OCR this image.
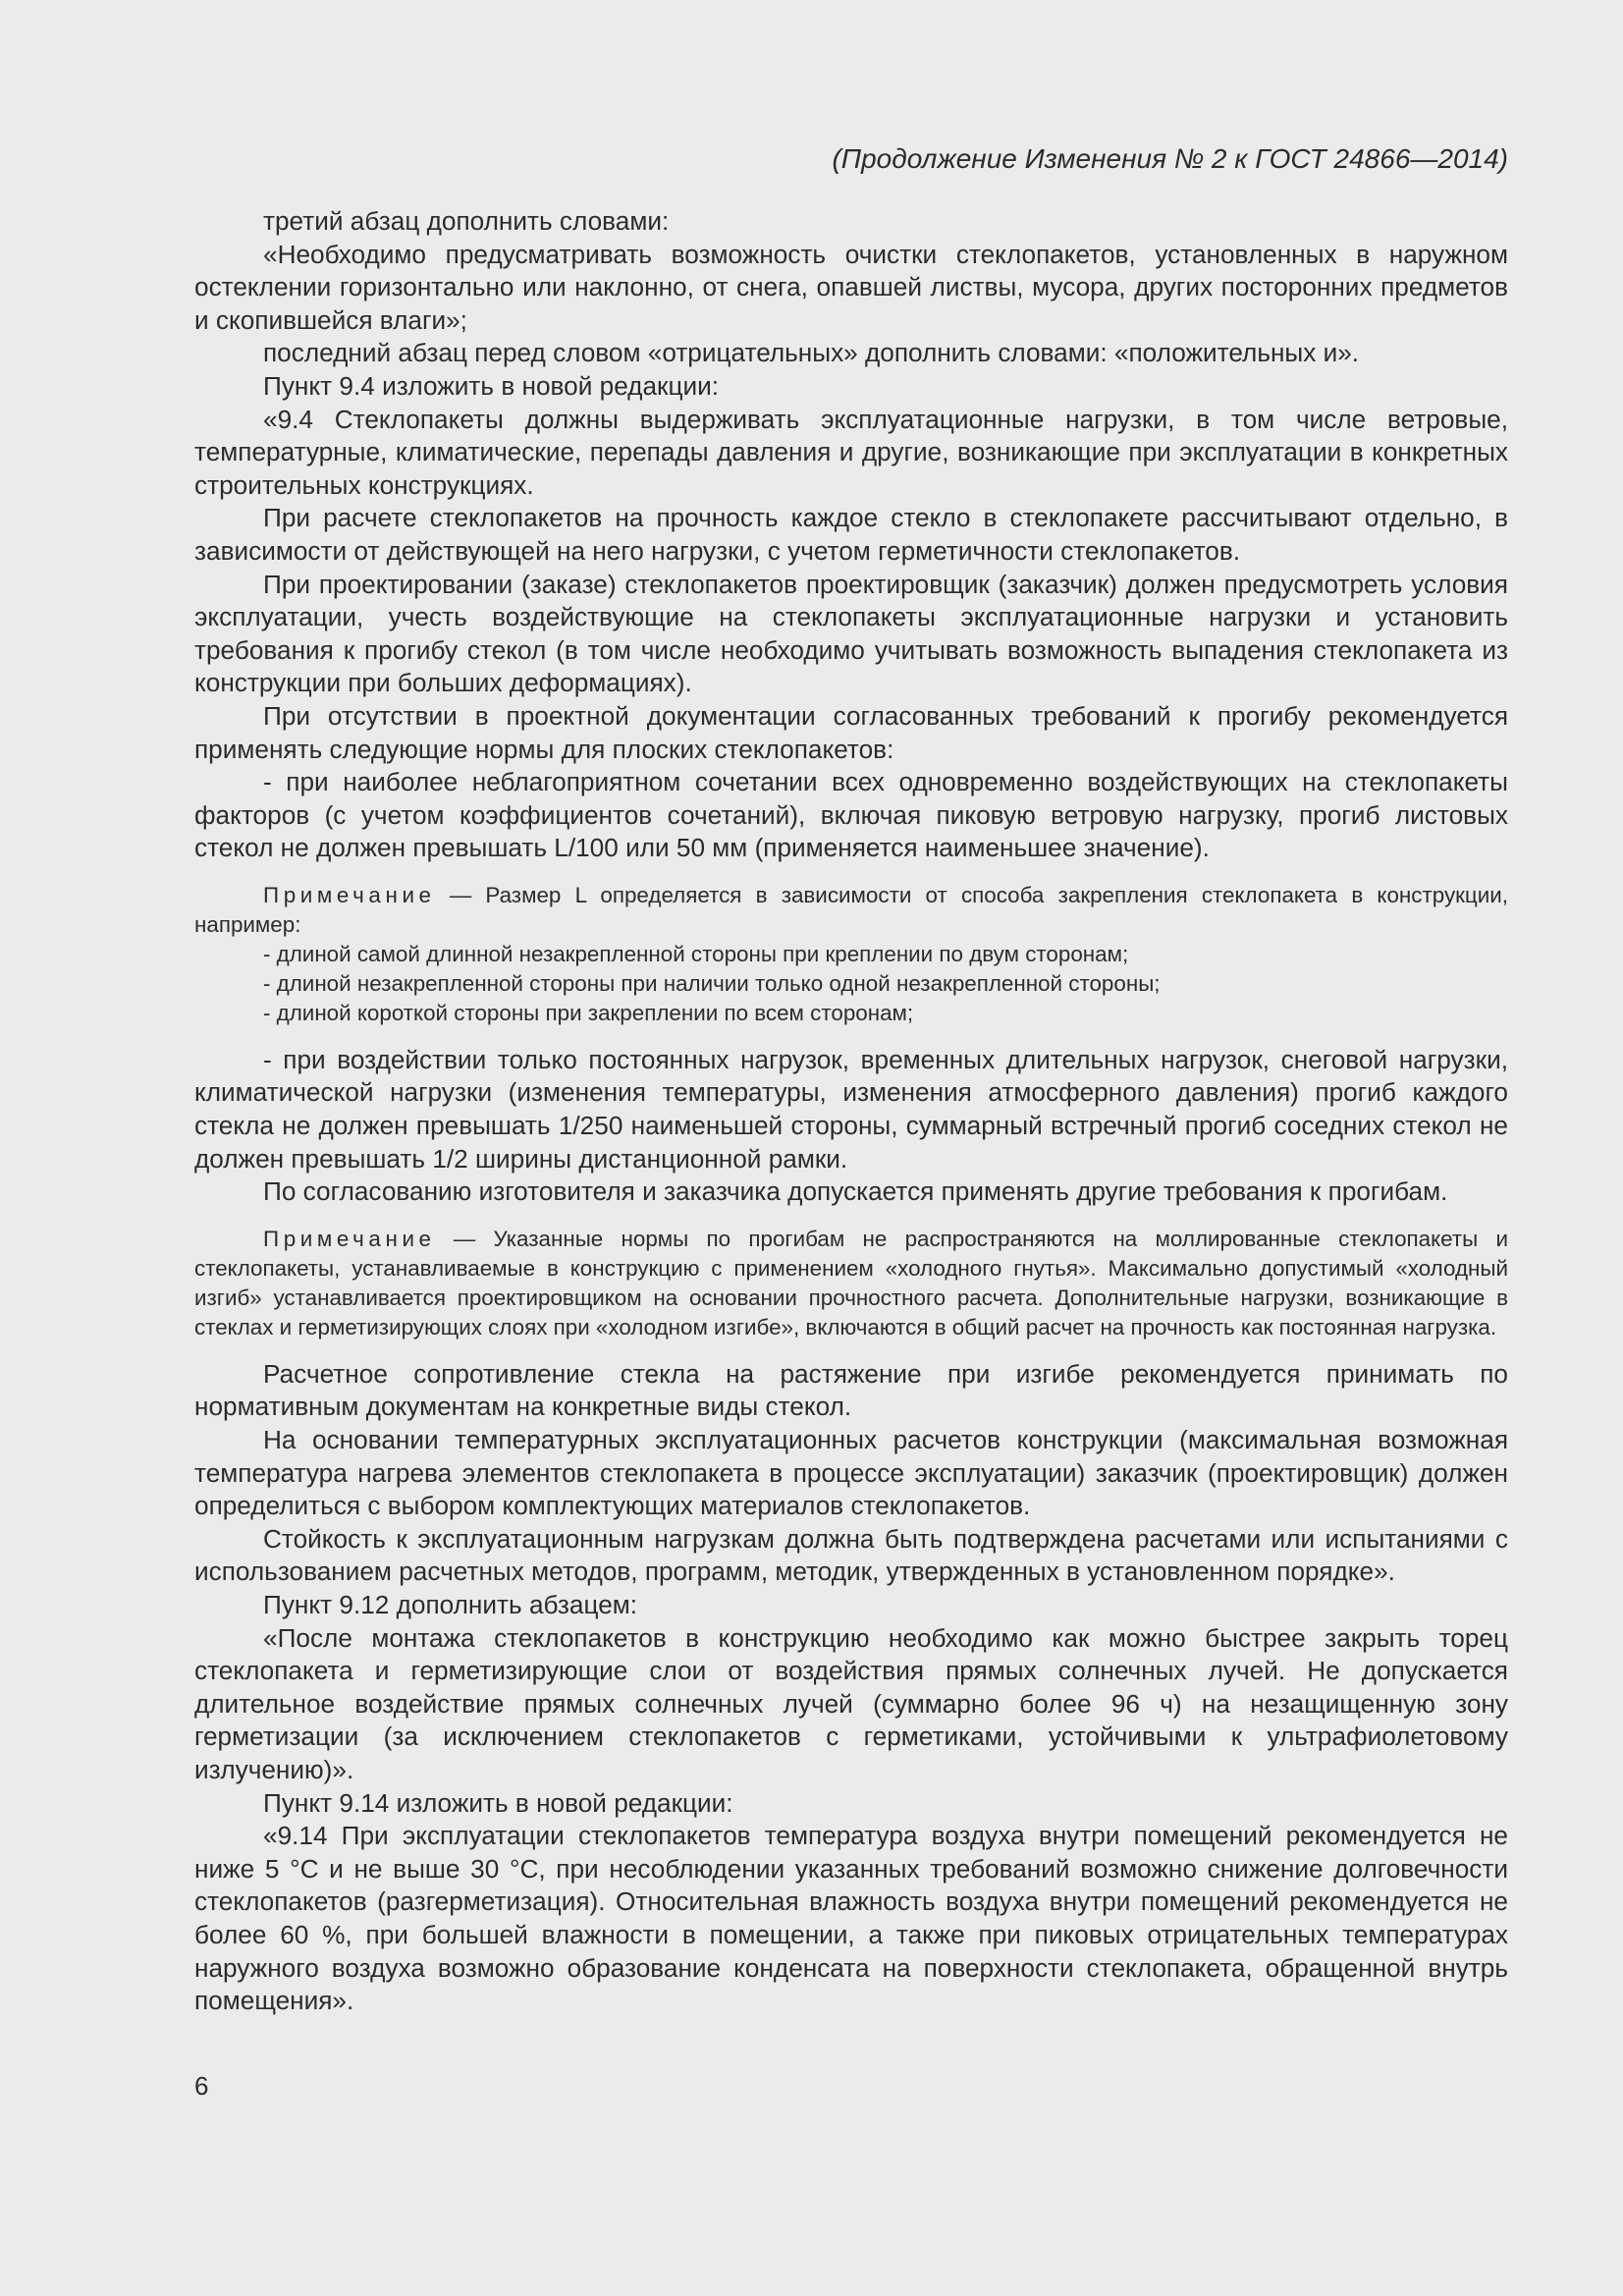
(Продолжение Изменения № 2 к ГОСТ 24866—2014)

третий абзац дополнить словами:

«Необходимо предусматривать возможность очистки стеклопакетов, установленных в наружном остеклении горизонтально или наклонно, от снега, опавшей листвы, мусора, других посторонних предметов и скопившейся влаги»;

последний абзац перед словом «отрицательных» дополнить словами: «положительных и».

Пункт 9.4 изложить в новой редакции:

«9.4 Стеклопакеты должны выдерживать эксплуатационные нагрузки, в том числе ветровые, температурные, климатические, перепады давления и другие, возникающие при эксплуатации в конкретных строительных конструкциях.

При расчете стеклопакетов на прочность каждое стекло в стеклопакете рассчитывают отдельно, в зависимости от действующей на него нагрузки, с учетом герметичности стеклопакетов.

При проектировании (заказе) стеклопакетов проектировщик (заказчик) должен предусмотреть условия эксплуатации, учесть воздействующие на стеклопакеты эксплуатационные нагрузки и установить требования к прогибу стекол (в том числе необходимо учитывать возможность выпадения стеклопакета из конструкции при больших деформациях).

При отсутствии в проектной документации согласованных требований к прогибу рекомендуется применять следующие нормы для плоских стеклопакетов:

- при наиболее неблагоприятном сочетании всех одновременно воздействующих на стеклопакеты факторов (с учетом коэффициентов сочетаний), включая пиковую ветровую нагрузку, прогиб листовых стекол не должен превышать L/100 или 50 мм (применяется наименьшее значение).

Примечание — Размер L определяется в зависимости от способа закрепления стеклопакета в конструкции, например:

- длиной самой длинной незакрепленной стороны при креплении по двум сторонам;

- длиной незакрепленной стороны при наличии только одной незакрепленной стороны;

- длиной короткой стороны при закреплении по всем сторонам;

- при воздействии только постоянных нагрузок, временных длительных нагрузок, снеговой нагрузки, климатической нагрузки (изменения температуры, изменения атмосферного давления) прогиб каждого стекла не должен превышать 1/250 наименьшей стороны, суммарный встречный прогиб соседних стекол не должен превышать 1/2 ширины дистанционной рамки.

По согласованию изготовителя и заказчика допускается применять другие требования к прогибам.

Примечание — Указанные нормы по прогибам не распространяются на моллированные стеклопакеты и стеклопакеты, устанавливаемые в конструкцию с применением «холодного гнутья». Максимально допустимый «холодный изгиб» устанавливается проектировщиком на основании прочностного расчета. Дополнительные нагрузки, возникающие в стеклах и герметизирующих слоях при «холодном изгибе», включаются в общий расчет на прочность как постоянная нагрузка.

Расчетное сопротивление стекла на растяжение при изгибе рекомендуется принимать по нормативным документам на конкретные виды стекол.

На основании температурных эксплуатационных расчетов конструкции (максимальная возможная температура нагрева элементов стеклопакета в процессе эксплуатации) заказчик (проектировщик) должен определиться с выбором комплектующих материалов стеклопакетов.

Стойкость к эксплуатационным нагрузкам должна быть подтверждена расчетами или испытаниями с использованием расчетных методов, программ, методик, утвержденных в установленном порядке».

Пункт 9.12 дополнить абзацем:

«После монтажа стеклопакетов в конструкцию необходимо как можно быстрее закрыть торец стеклопакета и герметизирующие слои от воздействия прямых солнечных лучей. Не допускается длительное воздействие прямых солнечных лучей (суммарно более 96 ч) на незащищенную зону герметизации (за исключением стеклопакетов с герметиками, устойчивыми к ультрафиолетовому излучению)».

Пункт 9.14 изложить в новой редакции:

«9.14 При эксплуатации стеклопакетов температура воздуха внутри помещений рекомендуется не ниже 5 °С и не выше 30 °С, при несоблюдении указанных требований возможно снижение долговечности стеклопакетов (разгерметизация). Относительная влажность воздуха внутри помещений рекомендуется не более 60 %, при большей влажности в помещении, а также при пиковых отрицательных температурах наружного воздуха возможно образование конденсата на поверхности стеклопакета, обращенной внутрь помещения».

6
